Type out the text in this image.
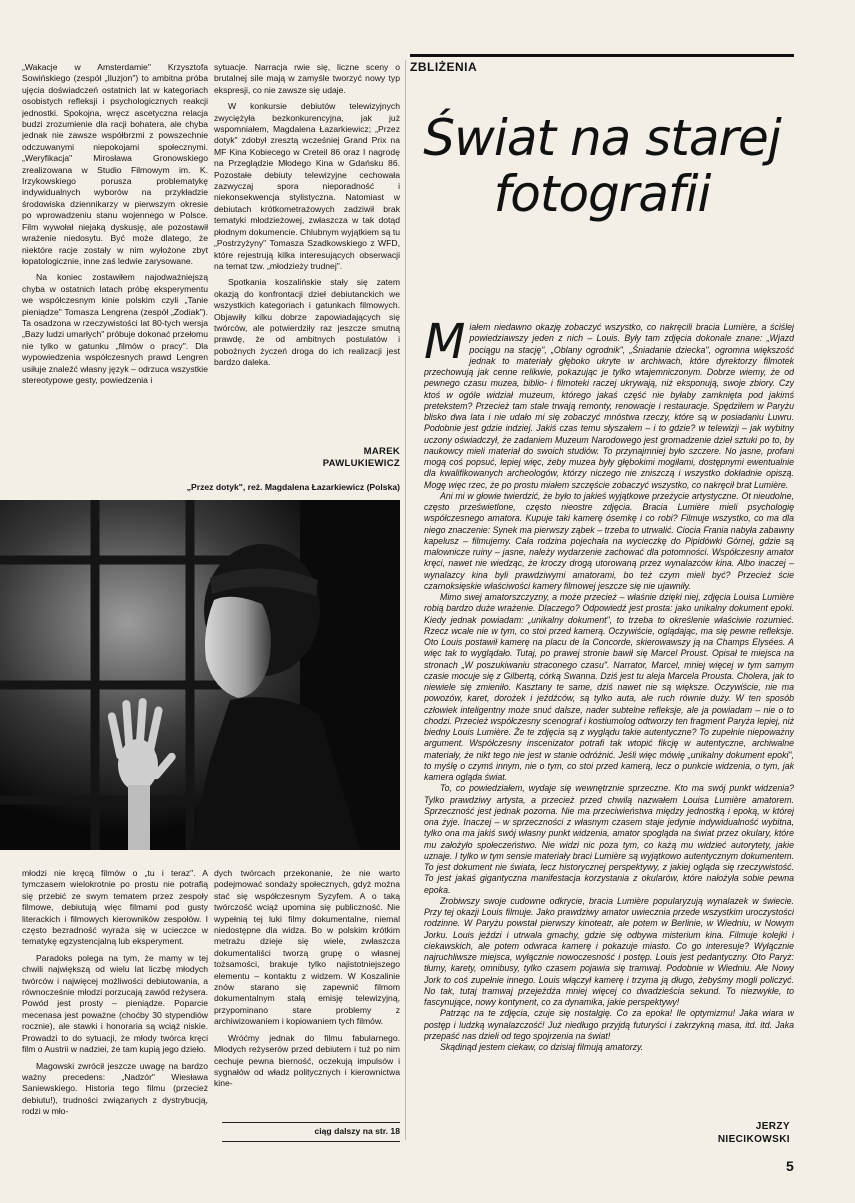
„Wakacje w Amsterdamie" Krzysztofa Sowińskiego (zespół „Iluzjon") to ambitna próba ujęcia doświadczeń ostatnich lat w kategoriach osobistych refleksji i psychologicznych reakcji jednostki. Spokojna, wręcz ascetyczna relacja budzi zrozumienie dla racji bohatera, ale chyba jednak nie zawsze współbrzmi z powszechnie odczuwanymi niepokojami społecznymi. „Weryfikacja" Mirosława Gronowskiego zrealizowana w Studio Filmowym im. K. Irzykowskiego porusza problematykę indywidualnych wyborów na przykładzie środowiska dziennikarzy w pierwszym okresie po wprowadzeniu stanu wojennego w Polsce. Film wywołał niejaką dyskusję, ale pozostawił wrażenie niedosytu. Być może dlatego, że niektóre racje zostały w nim wyłożone zbyt łopatologicznie, inne zaś ledwie zarysowane.

Na koniec zostawiłem najodważniejszą chyba w ostatnich latach próbę eksperymentu we współczesnym kinie polskim czyli „Tanie pieniądze" Tomasza Lengrena (zespół „Zodiak"). Ta osadzona w rzeczywistości lat 80-tych wersja „Bazy ludzi umarłych" próbuje dokonać przełomu nie tylko w gatunku „filmów o pracy". Dla wypowiedzenia współczesnych prawd Lengren usiłuje znaleźć własny język – odrzuca wszystkie stereotypowe gesty, powiedzenia i

sytuacje. Narracja rwie się, liczne sceny o brutalnej sile mają w zamyśle tworzyć nowy typ ekspresji, co nie zawsze się udaje.

W konkursie debiutów telewizyjnych zwyciężyła bezkonkurencyjna, jak już wspomniałem, Magdalena Łazarkiewicz; „Przez dotyk" zdobył zresztą wcześniej Grand Prix na MF Kina Kobiecego w Creteil 86 oraz I nagrodę na Przeglądzie Młodego Kina w Gdańsku 86. Pozostałe debiuty telewizyjne cechowała zazwyczaj spora nieporadność i niekonsekwencja stylistyczna. Natomiast w debiutach krótkometrażowych zadziwił brak tematyki młodzieżowej, zwłaszcza w tak dotąd płodnym dokumencie. Chlubnym wyjątkiem są tu „Postrzyżyny" Tomasza Szadkowskiego z WFD, które rejestrują kilka interesujących obserwacji na temat tzw. „młodzieży trudnej".

Spotkania koszalińskie stały się zatem okazją do konfrontacji dzieł debiutanckich we wszystkich kategoriach i gatunkach filmowych. Objawiły kilku dobrze zapowiadających się twórców, ale potwierdziły raz jeszcze smutną prawdę, że od ambitnych postulatów i pobożnych życzeń droga do ich realizacji jest bardzo daleka.

MAREK
PAWLUKIEWICZ
„Przez dotyk", reż. Magdalena Łazarkiewicz (Polska)

młodzi nie kręcą filmów o „tu i teraz". A tymczasem wielokrotnie po prostu nie potrafią się przebić ze swym tematem przez zespoły filmowe, debiutują więc filmami pod gusty literackich i filmowych kierowników zespołów. I często bezradność wyraża się w ucieczce w tematykę egzystencjalną lub eksperyment.

Paradoks polega na tym, że mamy w tej chwili największą od wielu lat liczbę młodych twórców i najwięcej możliwości debiutowania, a równocześnie młodzi porzucają zawód reżysera. Powód jest prosty – pieniądze. Poparcie mecenasa jest poważne (choćby 30 stypendiów rocznie), ale stawki i honoraria są wciąż niskie. Prowadzi to do sytuacji, że młody twórca kręci film o Austrii w nadziei, że tam kupią jego dzieło.

Magowski zwrócił jeszcze uwagę na bardzo ważny precedens: „Nadzór" Wiesława Saniewskiego. Historia tego filmu (przecież debiutu!), trudności związanych z dystrybucją, rodzi w mło-

dych twórcach przekonanie, że nie warto podejmować sondaży społecznych, gdyż można stać się współczesnym Syzyfem. A o taką twórczość wciąż upomina się publiczność. Nie wypełnią tej luki filmy dokumentalne, niemal niedostępne dla widza. Bo w polskim krótkim metrażu dzieje się wiele, zwłaszcza dokumentaliści tworzą grupę o własnej tożsamości, brakuje tylko najistotniejszego elementu – kontaktu z widzem. W Koszalinie znów starano się zapewnić filmom dokumentalnym stałą emisję telewizyjną, przypominano stare problemy z archiwizowaniem i kopiowaniem tych filmów.

Wróćmy jednak do filmu fabularnego. Młodych reżyserów przed debiutem i tuż po nim cechuje pewna bierność, oczekują impulsów i sygnałów od władz politycznych i kierownictwa kine-

ciąg dalszy na str. 18
ZBLIŻENIA
Świat na starej
fotografii

Miałem niedawno okazję zobaczyć wszystko, co nakręcili bracia Lumière, a ściślej powiedziawszy jeden z nich – Louis. Były tam zdjęcia dokonale znane: „Wjazd pociągu na stację", „Oblany ogrodnik", „Śniadanie dziecka", ogromna większość jednak to materiały głęboko ukryte w archiwach, które dyrektorzy filmotek przechowują jak cenne relikwie, pokazując je tylko wtajemniczonym. Dobrze wiemy, że od pewnego czasu muzea, biblio- i filmoteki raczej ukrywają, niż eksponują, swoje zbiory. Czy ktoś w ogóle widział muzeum, którego jakaś część nie byłaby zamknięta pod jakimś pretekstem? Przecież tam stale trwają remonty, renowacje i restauracje. Spędziłem w Paryżu blisko dwa lata i nie udało mi się zobaczyć mnóstwa rzeczy, które są w posiadaniu Luwru. Podobnie jest gdzie indziej. Jakiś czas temu słyszałem – i to gdzie? w telewizji – jak wybitny uczony oświadczył, że zadaniem Muzeum Narodowego jest gromadzenie dzieł sztuki po to, by naukowcy mieli materiał do swoich studiów. To przynajmniej było szczere. No jasne, profani mogą coś popsuć, lepiej więc, żeby muzea były głębokimi mogiłami, dostępnymi ewentualnie dla kwalifikowanych archeologów, którzy niczego nie zniszczą i wszystko dokładnie opiszą. Mogę więc rzec, że po prostu miałem szczęście zobaczyć wszystko, co nakręcił brat Lumière.

Ani mi w głowie twierdzić, że było to jakieś wyjątkowe przeżycie artystyczne. Ot nieudolne, często prześwietlone, często nieostre zdjęcia. Bracia Lumière mieli psychologię współczesnego amatora. Kupuje taki kamerę ósemkę i co robi? Filmuje wszystko, co ma dla niego znaczenie: Synek ma pierwszy ząbek – trzeba to utrwalić. Ciocia Frania nabyła zabawny kapelusz – filmujemy. Cała rodzina pojechała na wycieczkę do Pipidówki Górnej, gdzie są malownicze ruiny – jasne, należy wydarzenie zachować dla potomności. Współczesny amator kręci, nawet nie wiedząc, że kroczy drogą utorowaną przez wynalazców kina. Albo inaczej – wynalazcy kina byli prawdziwymi amatorami, bo też czym mieli być? Przecież ście czarnoksięskie właściwości kamery filmowej jeszcze się nie ujawniły.

Mimo swej amatorszczyzny, a może przecież – właśnie dzięki niej, zdjęcia Louisa Lumière robią bardzo duże wrażenie. Dlaczego? Odpowiedź jest prosta: jako unikalny dokument epoki. Kiedy jednak powiadam: „unikalny dokument", to trzeba to określenie właściwie rozumieć. Rzecz wcale nie w tym, co stoi przed kamerą. Oczywiście, oglądając, ma się pewne refleksje. Oto Louis postawił kamerę na placu de la Concorde, skierowawszy ją na Champs Elysées. A więc tak to wyglądało. Tutaj, po prawej stronie bawił się Marcel Proust. Opisał te miejsca na stronach „W poszukiwaniu straconego czasu". Narrator, Marcel, mniej więcej w tym samym czasie mocuje się z Gilbertą, córką Swanna. Dziś jest tu aleja Marcela Prousta. Cholera, jak to niewiele się zmieniło. Kasztany te same, dziś nawet nie są większe. Oczywiście, nie ma powozów, karet, dorożek i jeźdźców, są tylko auta, ale ruch równie duży. W ten sposób człowiek inteligentny może snuć dalsze, nader subtelne refleksje, ale ja powiadam – nie o to chodzi. Przecież współczesny scenograf i kostiumolog odtworzy ten fragment Paryża lepiej, niż biedny Louis Lumière. Że te zdjęcia są z wyglądu takie autentyczne? To zupełnie niepoważny argument. Współczesny inscenizator potrafi tak wtopić fikcję w autentyczne, archiwalne materiały, że nikt tego nie jest w stanie odróżnić. Jeśli więc mówię „unikalny dokument epoki", to myślę o czymś innym, nie o tym, co stoi przed kamerą, lecz o punkcie widzenia, o tym, jak kamera ogląda świat.

To, co powiedziałem, wydaje się wewnętrznie sprzeczne. Kto ma swój punkt widzenia? Tylko prawdziwy artysta, a przecież przed chwilą nazwałem Louisa Lumière amatorem. Sprzeczność jest jednak pozorna. Nie ma przeciwieństwa między jednostką i epoką, w której ona żyje. Inaczej – w sprzeczności z własnym czasem staje jedynie indywidualność wybitna, tylko ona ma jakiś swój własny punkt widzenia, amator spogląda na świat przez okulary, które mu założyło społeczeństwo. Nie widzi nic poza tym, co każą mu widzieć autorytety, jakie uznaje. I tylko w tym sensie materiały braci Lumière są wyjątkowo autentycznym dokumentem. To jest dokument nie świata, lecz historycznej perspektywy, z jakiej ogląda się rzeczywistość. To jest jakaś gigantyczna manifestacja korzystania z okularów, które nałożyła sobie pewna epoka.

Zrobiwszy swoje cudowne odkrycie, bracia Lumière popularyzują wynalazek w świecie. Przy tej okazji Louis filmuje. Jako prawdziwy amator uwiecznia przede wszystkim uroczystości rodzinne. W Paryżu powstał pierwszy kinoteatr, ale potem w Berlinie, w Wiedniu, w Nowym Jorku. Louis jeździ i utrwala gmachy, gdzie się odbywa misterium kina. Filmuje kolejki i ciekawskich, ale potem odwraca kamerę i pokazuje miasto. Co go interesuje? Wyłącznie najruchliwsze miejsca, wyłącznie nowoczesność i postęp. Louis jest pedantyczny. Oto Paryż: tłumy, karety, omnibusy, tylko czasem pojawia się tramwaj. Podobnie w Wiedniu. Ale Nowy Jork to coś zupełnie innego. Louis włączył kamerę i trzyma ją długo, żebyśmy mogli policzyć. No tak, tutaj tramwaj przejeżdża mniej więcej co dwadzieścia sekund. To niezwykłe, to fascynujące, nowy kontynent, co za dynamika, jakie perspektywy!

Patrząc na te zdjęcia, czuje się nostalgię. Co za epoka! Ile optymizmu! Jaka wiara w postęp i ludzką wynalazczość! Już niedługo przyjdą futuryści i zakrzykną masa, itd. itd. Jaka przepaść nas dzieli od tego spojrzenia na świat!

Skądinąd jestem ciekaw, co dzisiaj filmują amatorzy.

JERZY
NIECIKOWSKI
5
